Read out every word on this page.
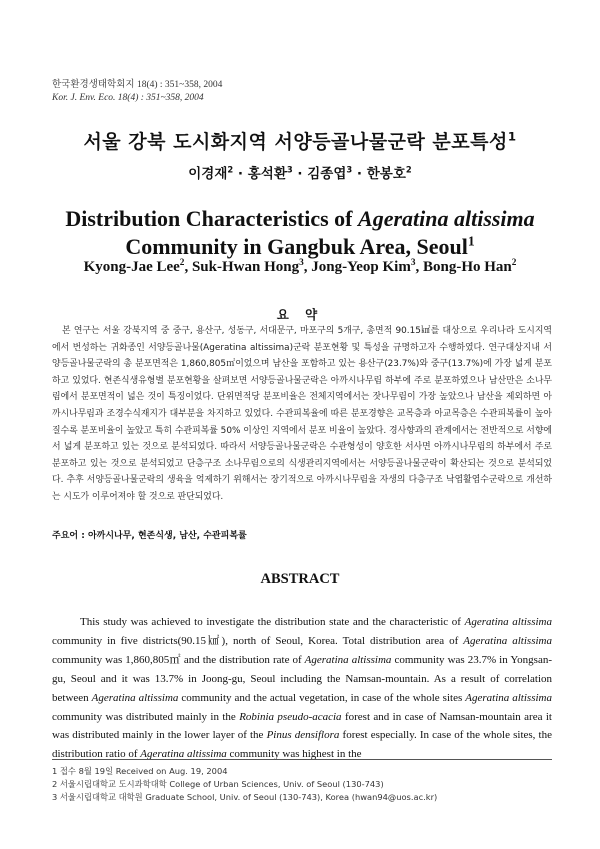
한국환경생태학회지 18(4) : 351~358, 2004
Kor. J. Env. Eco. 18(4) : 351~358, 2004
서울 강북 도시화지역 서양등골나물군락 분포특성$^1$
이경재$^2$ · 홍석환$^3$ · 김종엽$^3$ · 한봉호$^2$
Distribution Characteristics of Ageratina altissima
Community in Gangbuk Area, Seoul$^1$
Kyong-Jae Lee$^2$, Suk-Hwan Hong$^3$, Jong-Yeop Kim$^3$, Bong-Ho Han$^2$
요 약

본 연구는 서울 강북지역 중 중구, 용산구, 성동구, 서대문구, 마포구의 5개구, 총면적 90.15㎢를 대상으로 우리나라 도시지역에서 번성하는 귀화종인 서양등골나물(Ageratina altissima)군락 분포현황 및 특성을 규명하고자 수행하였다. 연구대상지내 서양등골나물군락의 총 분포면적은 1,860,805㎡이었으며 남산을 포함하고 있는 용산구(23.7%)와 중구(13.7%)에 가장 넓게 분포하고 있었다. 현존식생유형별 분포현황을 살펴보면 서양등골나물군락은 아까시나무림 하부에 주로 분포하였으나 남산만은 소나무림에서 분포면적이 넓은 것이 특징이었다. 단위면적당 분포비율은 전체지역에서는 잣나무림이 가장 높았으나 남산을 제외하면 아까시나무림과 조경수식재지가 대부분을 차지하고 있었다. 수관피복율에 따른 분포경향은 교목층과 아교목층은 수관피복률이 높아질수록 분포비율이 높았고 특히 수관피복률 50% 이상인 지역에서 분포 비율이 높았다. 경사향과의 관계에서는 전반적으로 서향에서 넓게 분포하고 있는 것으로 분석되었다. 따라서 서양등골나물군락은 수관형성이 양호한 서사면 아까시나무림의 하부에서 주로 분포하고 있는 것으로 분석되었고 단층구조 소나무림으로의 식생관리지역에서는 서양등골나물군락이 확산되는 것으로 분석되었다. 추후 서양등골나물군락의 생육을 억제하기 위해서는 장기적으로 아까시나무림을 자생의 다층구조 낙엽활엽수군락으로 개선하는 시도가 이루어져야 할 것으로 판단되었다.

주요어 : 아까시나무, 현존식생, 남산, 수관피복률
ABSTRACT

This study was achieved to investigate the distribution state and the characteristic of Ageratina altissima community in five districts(90.15㎢), north of Seoul, Korea. Total distribution area of Ageratina altissima community was 1,860,805㎡ and the distribution rate of Ageratina altissima community was 23.7% in Yongsan-gu, Seoul and it was 13.7% in Joong-gu, Seoul including the Namsan-mountain. As a result of correlation between Ageratina altissima community and the actual vegetation, in case of the whole sites Ageratina altissima community was distributed mainly in the Robinia pseudo-acacia forest and in case of Namsan-mountain area it was distributed mainly in the lower layer of the Pinus densiflora forest especially. In case of the whole sites, the distribution ratio of Ageratina altissima community was highest in the

1 접수 8월 19일 Received on Aug. 19, 2004
2 서울시립대학교 도시과학대학 College of Urban Sciences, Univ. of Seoul (130-743)
3 서울시립대학교 대학원 Graduate School, Univ. of Seoul (130-743), Korea (hwan94@uos.ac.kr)
